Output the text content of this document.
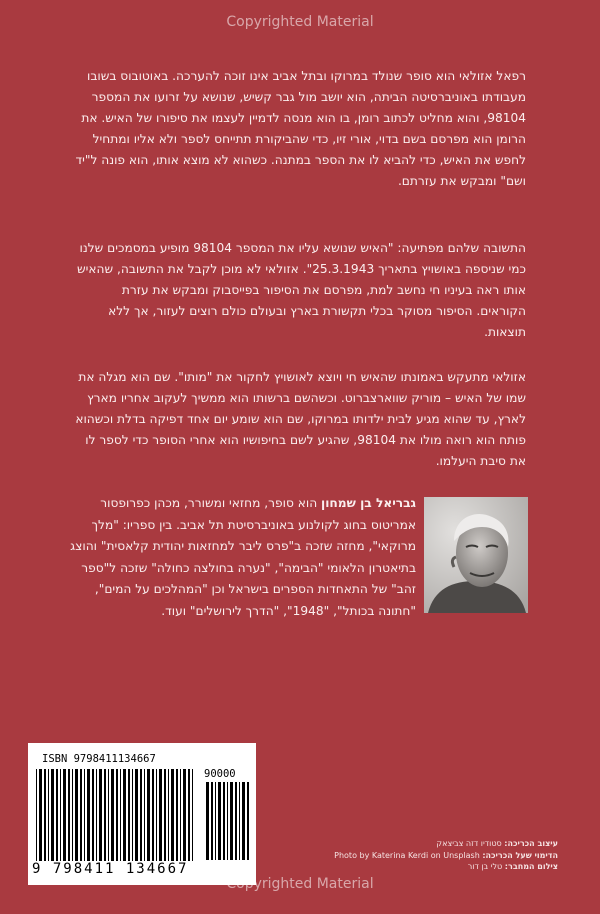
Copyrighted Material

רפאל אזולאי הוא סופר שנולד במרוקו ובתל אביב אינו זוכה להערכה. באוטובוס בשובו מעבודתו באוניברסיטה הביתה, הוא יושב מול גבר קשיש, שנושא על זרועו את המספר 98104, והוא מחליט לכתוב רומן, בו הוא מנסה לדמיין לעצמו את סיפורו של האיש. את הרומן הוא מפרסם בשם בדוי, אורי זיו, כדי שהביקורת תתייחס לספר ולא אליו ומתחיל לחפש את האיש, כדי להביא לו את הספר במתנה. כשהוא לא מוצא אותו, הוא פונה ל"יד ושם" ומבקש את עזרתם.

התשובה שלהם מפתיעה: "האיש שנושא עליו את המספר 98104 מופיע במסמכים שלנו כמי שניספה באושויץ בתאריך 25.3.1943". אזולאי לא מוכן לקבל את התשובה, שהאיש אותו ראה בעיניו חי נחשב למת, מפרסם את הסיפור בפייסבוק ומבקש את עזרת הקוראים. הסיפור מסוקר בכלי תקשורת בארץ ובעולם כולם רוצים לעזור, אך ללא תוצאות.

אזולאי מתעקש באמונתו שהאיש חי ויוצא לאושויץ לחקור את "מותו". שם הוא מגלה את שמו של האיש – מוריק שווארצברוט. וכשהשם ברשותו הוא ממשיך לעקוב אחריו מארץ לארץ, עד שהוא מגיע לבית ילדותו במרוקו, שם הוא שומע יום אחד דפיקה בדלת וכשהוא פותח הוא רואה מולו את 98104, שהגיע לשם בחיפושיו הוא אחרי הסופר כדי לספר לו את סיבת היעלמו.

גבריאל בן שמחון הוא סופר, מחזאי ומשורר, מכהן כפרופסור אמריטוס בחוג לקולנוע באוניברסיטת תל אביב. בין ספריו: "מלך מרוקאי", מחזה שזכה ב"פרס ליבר למחזאות יהודית קלאסית" והוצג בתיאטרון הלאומי "הבימה", "נערה בחולצה כחולה" שזכה ל"ספר זהב" של התאחדות הספרים בישראל וכן "המהלכים על המים", "חתונה בכותל", "1948", "הדרך לירושלים" ועוד.

ISBN 9798411134667
90000
9 798411 134667
עיצוב הכריכה: סטודיו דזה צביצאק
הדימוי שעל הכריכה: Photo by Katerina Kerdi on Unsplash
צילום המחבר: טלי בן דור
Copyrighted Material
